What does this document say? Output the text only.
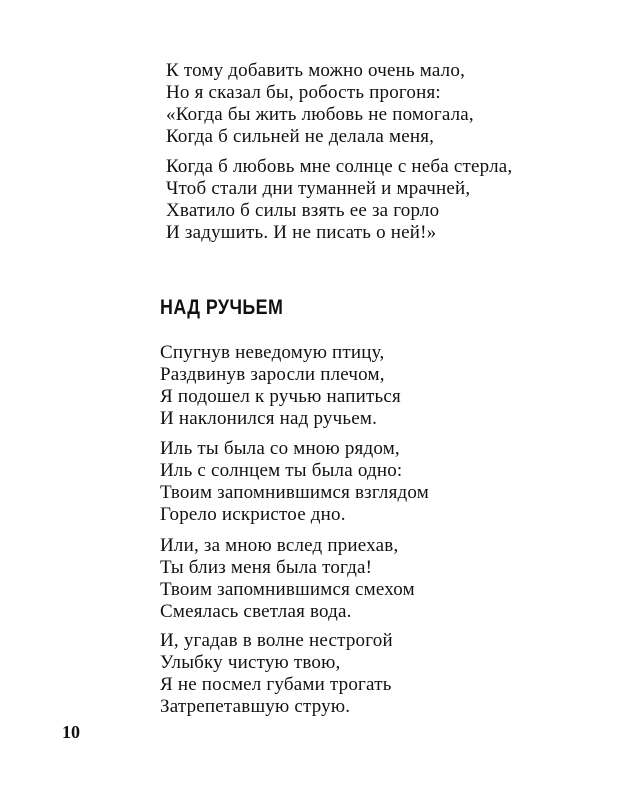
К тому добавить можно очень мало,
Но я сказал бы, робость прогоня:
«Когда бы жить любовь не помогала,
Когда б сильней не делала меня,
Когда б любовь мне солнце с неба стерла,
Чтоб стали дни туманней и мрачней,
Хватило б силы взять ее за горло
И задушить. И не писать о ней!»
НАД РУЧЬЕМ
Спугнув неведомую птицу,
Раздвинув заросли плечом,
Я подошел к ручью напиться
И наклонился над ручьем.
Иль ты была со мною рядом,
Иль с солнцем ты была одно:
Твоим запомнившимся взглядом
Горело искристое дно.
Или, за мною вслед приехав,
Ты близ меня была тогда!
Твоим запомнившимся смехом
Смеялась светлая вода.
И, угадав в волне нестрогой
Улыбку чистую твою,
Я не посмел губами трогать
Затрепетавшую струю.
10
